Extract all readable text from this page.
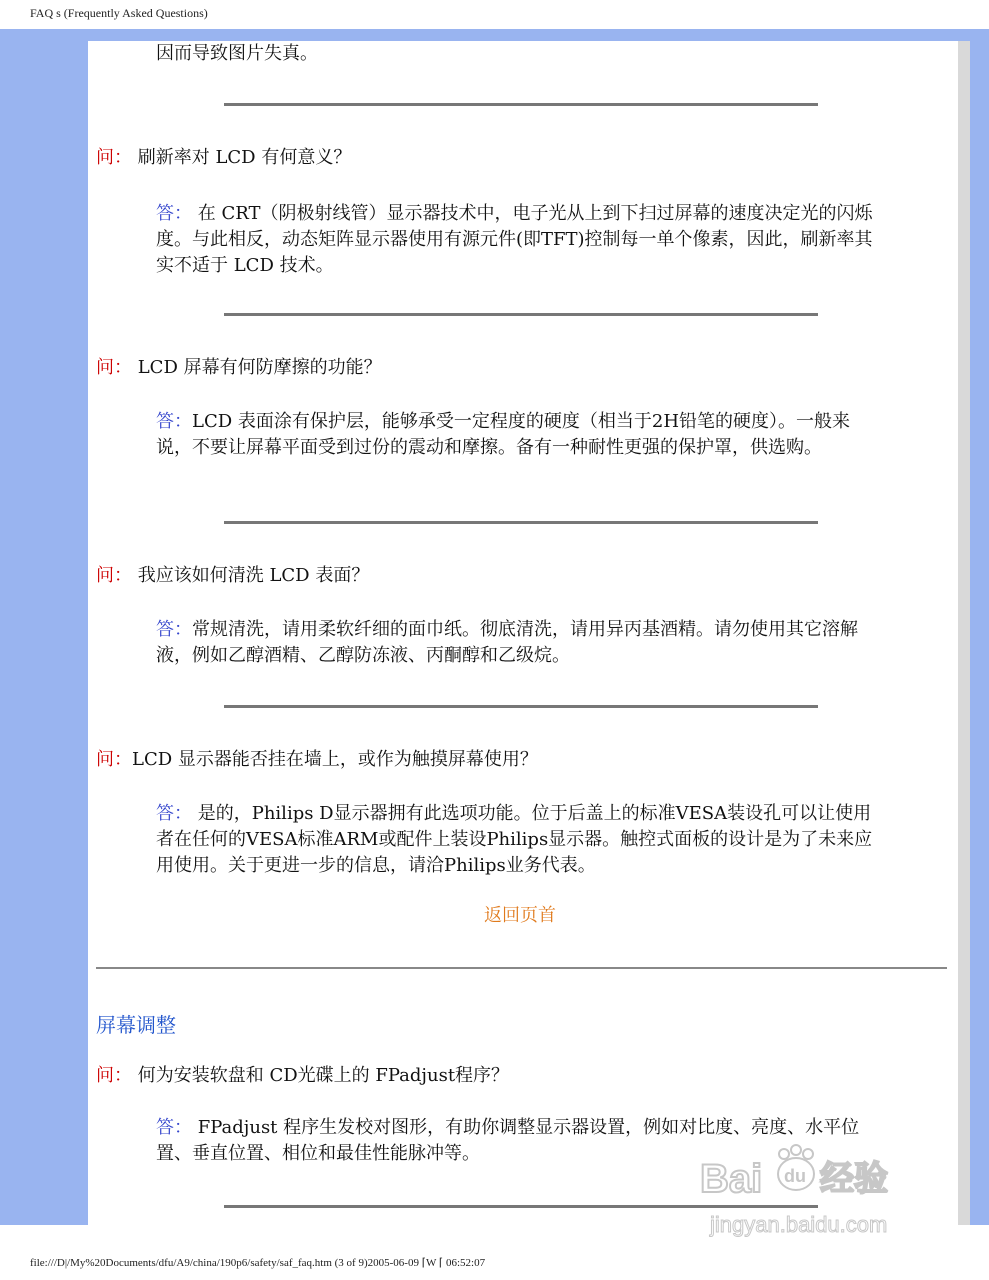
FAQ s (Frequently Asked Questions)
因而导致图片失真。
问： 刷新率对 LCD 有何意义？
答： 在 CRT（阴极射线管）显示器技术中，电子光从上到下扫过屏幕的速度决定光的闪烁度。与此相反，动态矩阵显示器使用有源元件(即TFT)控制每一单个像素，因此，刷新率其实不适于 LCD 技术。
问： LCD 屏幕有何防摩擦的功能？
答：LCD 表面涂有保护层，能够承受一定程度的硬度（相当于2H铅笔的硬度）。一般来说，不要让屏幕平面受到过份的震动和摩擦。备有一种耐性更强的保护罩，供选购。
问： 我应该如何清洗 LCD 表面？
答：常规清洗，请用柔软纤细的面巾纸。彻底清洗，请用异丙基酒精。请勿使用其它溶解液，例如乙醇酒精、乙醇防冻液、丙酮醇和乙级烷。
问：LCD 显示器能否挂在墙上，或作为触摸屏幕使用？
答： 是的，Philips D显示器拥有此选项功能。位于后盖上的标准VESA装设孔可以让使用者在任何的VESA标准ARM或配件上装设Philips显示器。触控式面板的设计是为了未来应用使用。关于更进一步的信息，请洽Philips业务代表。
返回页首
屏幕调整
问： 何为安装软盘和 CD光碟上的 FPadjust程序？
答： FPadjust 程序生发校对图形，有助你调整显示器设置，例如对比度、亮度、水平位置、垂直位置、相位和最佳性能脉冲等。
Bai du 经验
jingyan.baidu.com
file:///D|/My%20Documents/dfu/A9/china/190p6/safety/saf_faq.htm (3 of 9)2005-06-09 ⌈W ⌈ 06:52:07
